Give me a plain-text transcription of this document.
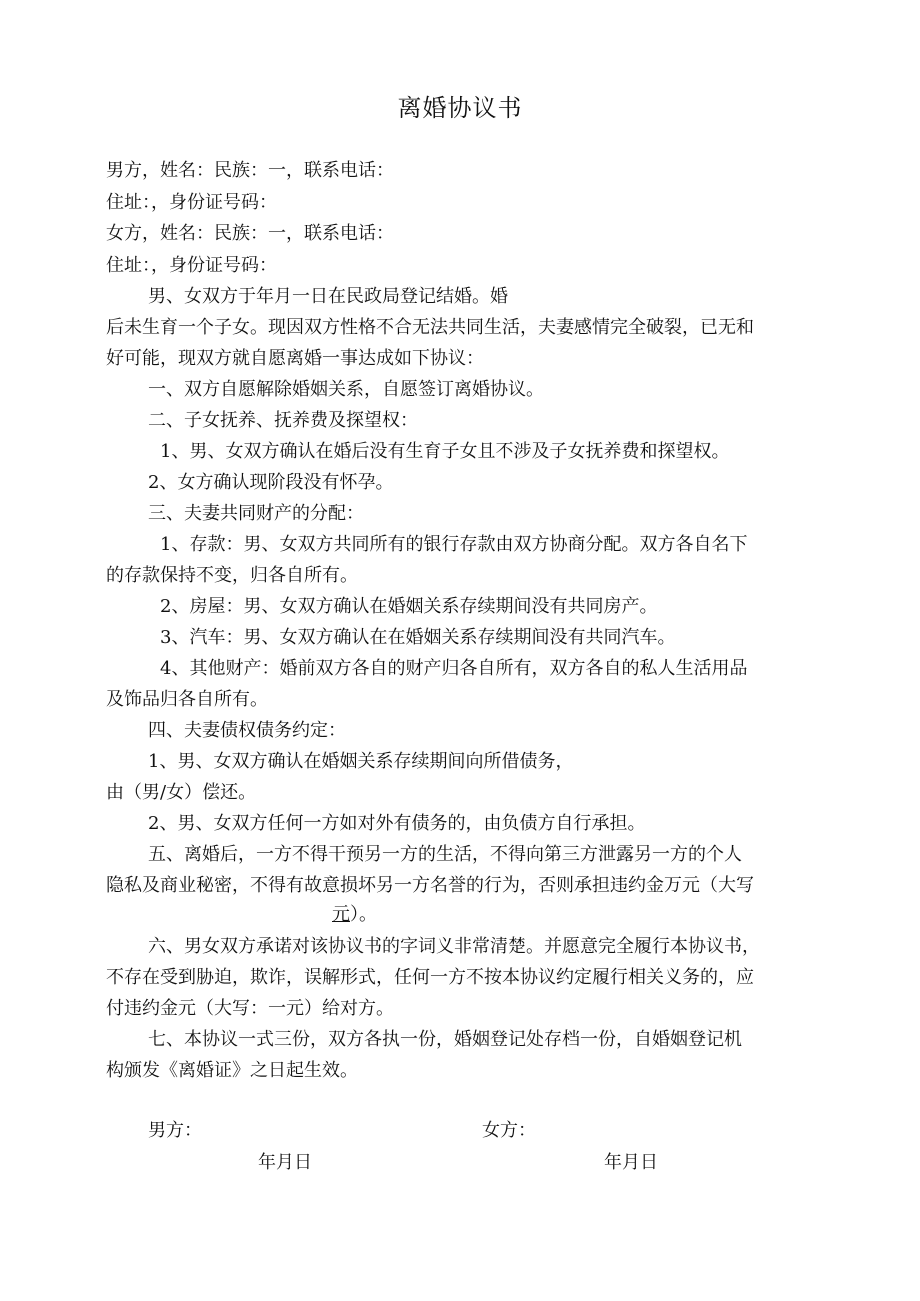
离婚协议书
男方，姓名：民族：一，联系电话：
住址：，身份证号码：
女方，姓名：民族：一，联系电话：
住址：，身份证号码：
男、女双方于年月一日在民政局登记结婚。婚
后未生育一个子女。现因双方性格不合无法共同生活，夫妻感情完全破裂，已无和
好可能，现双方就自愿离婚一事达成如下协议：
一、双方自愿解除婚姻关系，自愿签订离婚协议。
二、子女抚养、抚养费及探望权：
1、男、女双方确认在婚后没有生育子女且不涉及子女抚养费和探望权。
2、女方确认现阶段没有怀孕。
三、夫妻共同财产的分配：
1、存款：男、女双方共同所有的银行存款由双方协商分配。双方各自名下
的存款保持不变，归各自所有。
2、房屋：男、女双方确认在婚姻关系存续期间没有共同房产。
3、汽车：男、女双方确认在在婚姻关系存续期间没有共同汽车。
4、其他财产：婚前双方各自的财产归各自所有，双方各自的私人生活用品
及饰品归各自所有。
四、夫妻债权债务约定：
1、男、女双方确认在婚姻关系存续期间向所借债务，
由（男/女）偿还。
2、男、女双方任何一方如对外有债务的，由负债方自行承担。
五、离婚后，一方不得干预另一方的生活，不得向第三方泄露另一方的个人
隐私及商业秘密，不得有故意损坏另一方名誉的行为，否则承担违约金万元（大写
元）。
六、男女双方承诺对该协议书的字词义非常清楚。并愿意完全履行本协议书，
不存在受到胁迫，欺诈，误解形式，任何一方不按本协议约定履行相关义务的，应
付违约金元（大写：一元）给对方。
七、本协议一式三份，双方各执一份，婚姻登记处存档一份，自婚姻登记机
构颁发《离婚证》之日起生效。
男方：	女方：
年月日	年月日
